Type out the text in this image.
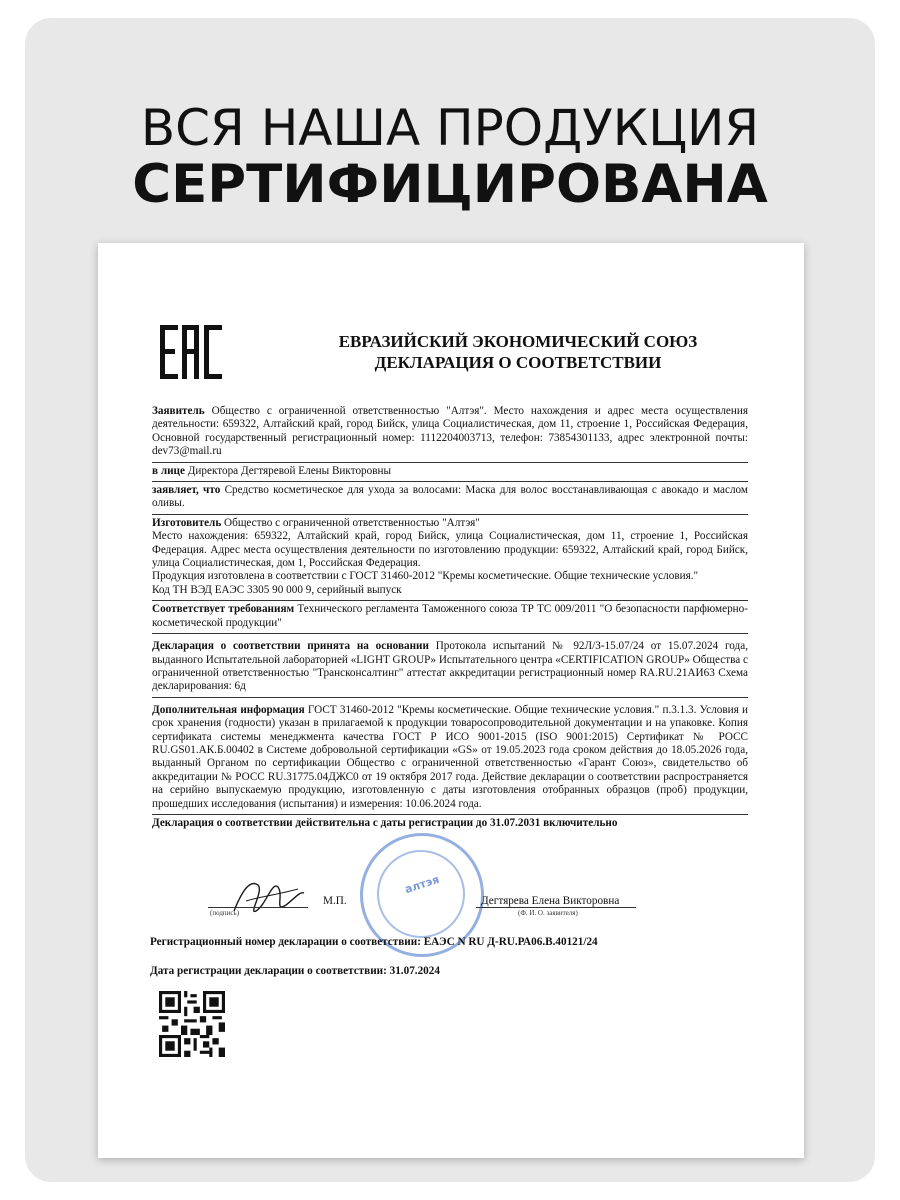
ВСЯ НАША ПРОДУКЦИЯ
СЕРТИФИЦИРОВАНА
ЕВРАЗИЙСКИЙ ЭКОНОМИЧЕСКИЙ СОЮЗ
ДЕКЛАРАЦИЯ О СООТВЕТСТВИИ

Заявитель Общество с ограниченной ответственностью "Алтэя". Место нахождения и адрес места осуществления деятельности: 659322, Алтайский край, город Бийск, улица Социалистическая, дом 11, строение 1, Российская Федерация, Основной государственный регистрационный номер: 1112204003713, телефон: 73854301133, адрес электронной почты: dev73@mail.ru

в лице Директора Дегтяревой Елены Викторовны

заявляет, что Средство косметическое для ухода за волосами: Маска для волос восстанавливающая с авокадо и маслом оливы.

Изготовитель Общество с ограниченной ответственностью "Алтэя"

Место нахождения: 659322, Алтайский край, город Бийск, улица Социалистическая, дом 11, строение 1, Российская Федерация. Адрес места осуществления деятельности по изготовлению продукции: 659322, Алтайский край, город Бийск, улица Социалистическая, дом 1, Российская Федерация.

Продукция изготовлена в соответствии с ГОСТ 31460-2012 "Кремы косметические. Общие технические условия."

Код ТН ВЭД ЕАЭС 3305 90 000 9, серийный выпуск

Соответствует требованиям Технического регламента Таможенного союза ТР ТС 009/2011 "О безопасности парфюмерно-косметической продукции"

Декларация о соответствии принята на основании Протокола испытаний № 92Л/З-15.07/24 от 15.07.2024 года, выданного Испытательной лабораторией «LIGHT GROUP» Испытательного центра «CERTIFICATION GROUP» Общества с ограниченной ответственностью "Трансконсалтинг" аттестат аккредитации регистрационный номер RA.RU.21АИ63 Схема декларирования: 6д

Дополнительная информация ГОСТ 31460-2012 "Кремы косметические. Общие технические условия." п.3.1.3. Условия и срок хранения (годности) указан в прилагаемой к продукции товаросопроводительной документации и на упаковке. Копия сертификата системы менеджмента качества ГОСТ Р ИСО 9001-2015 (ISO 9001:2015) Сертификат № РОСС RU.GS01.АК.Б.00402 в Системе добровольной сертификации «GS» от 19.05.2023 года сроком действия до 18.05.2026 года, выданный Органом по сертификации Общество с ограниченной ответственностью «Гарант Союз», свидетельство об аккредитации № РОСС RU.31775.04ДЖС0 от 19 октября 2017 года. Действие декларации о соответствии распространяется на серийно выпускаемую продукцию, изготовленную с даты изготовления отобранных образцов (проб) продукции, прошедших исследования (испытания) и измерения: 10.06.2024 года.

Декларация о соответствии действительна с даты регистрации до 31.07.2031 включительно

алтэя
(подпись)
М.П.	Дегтярева Елена Викторовна
(Ф. И. О. заявителя)
Регистрационный номер декларации о соответствии: ЕАЭС N RU Д-RU.РА06.В.40121/24
Дата регистрации декларации о соответствии: 31.07.2024
